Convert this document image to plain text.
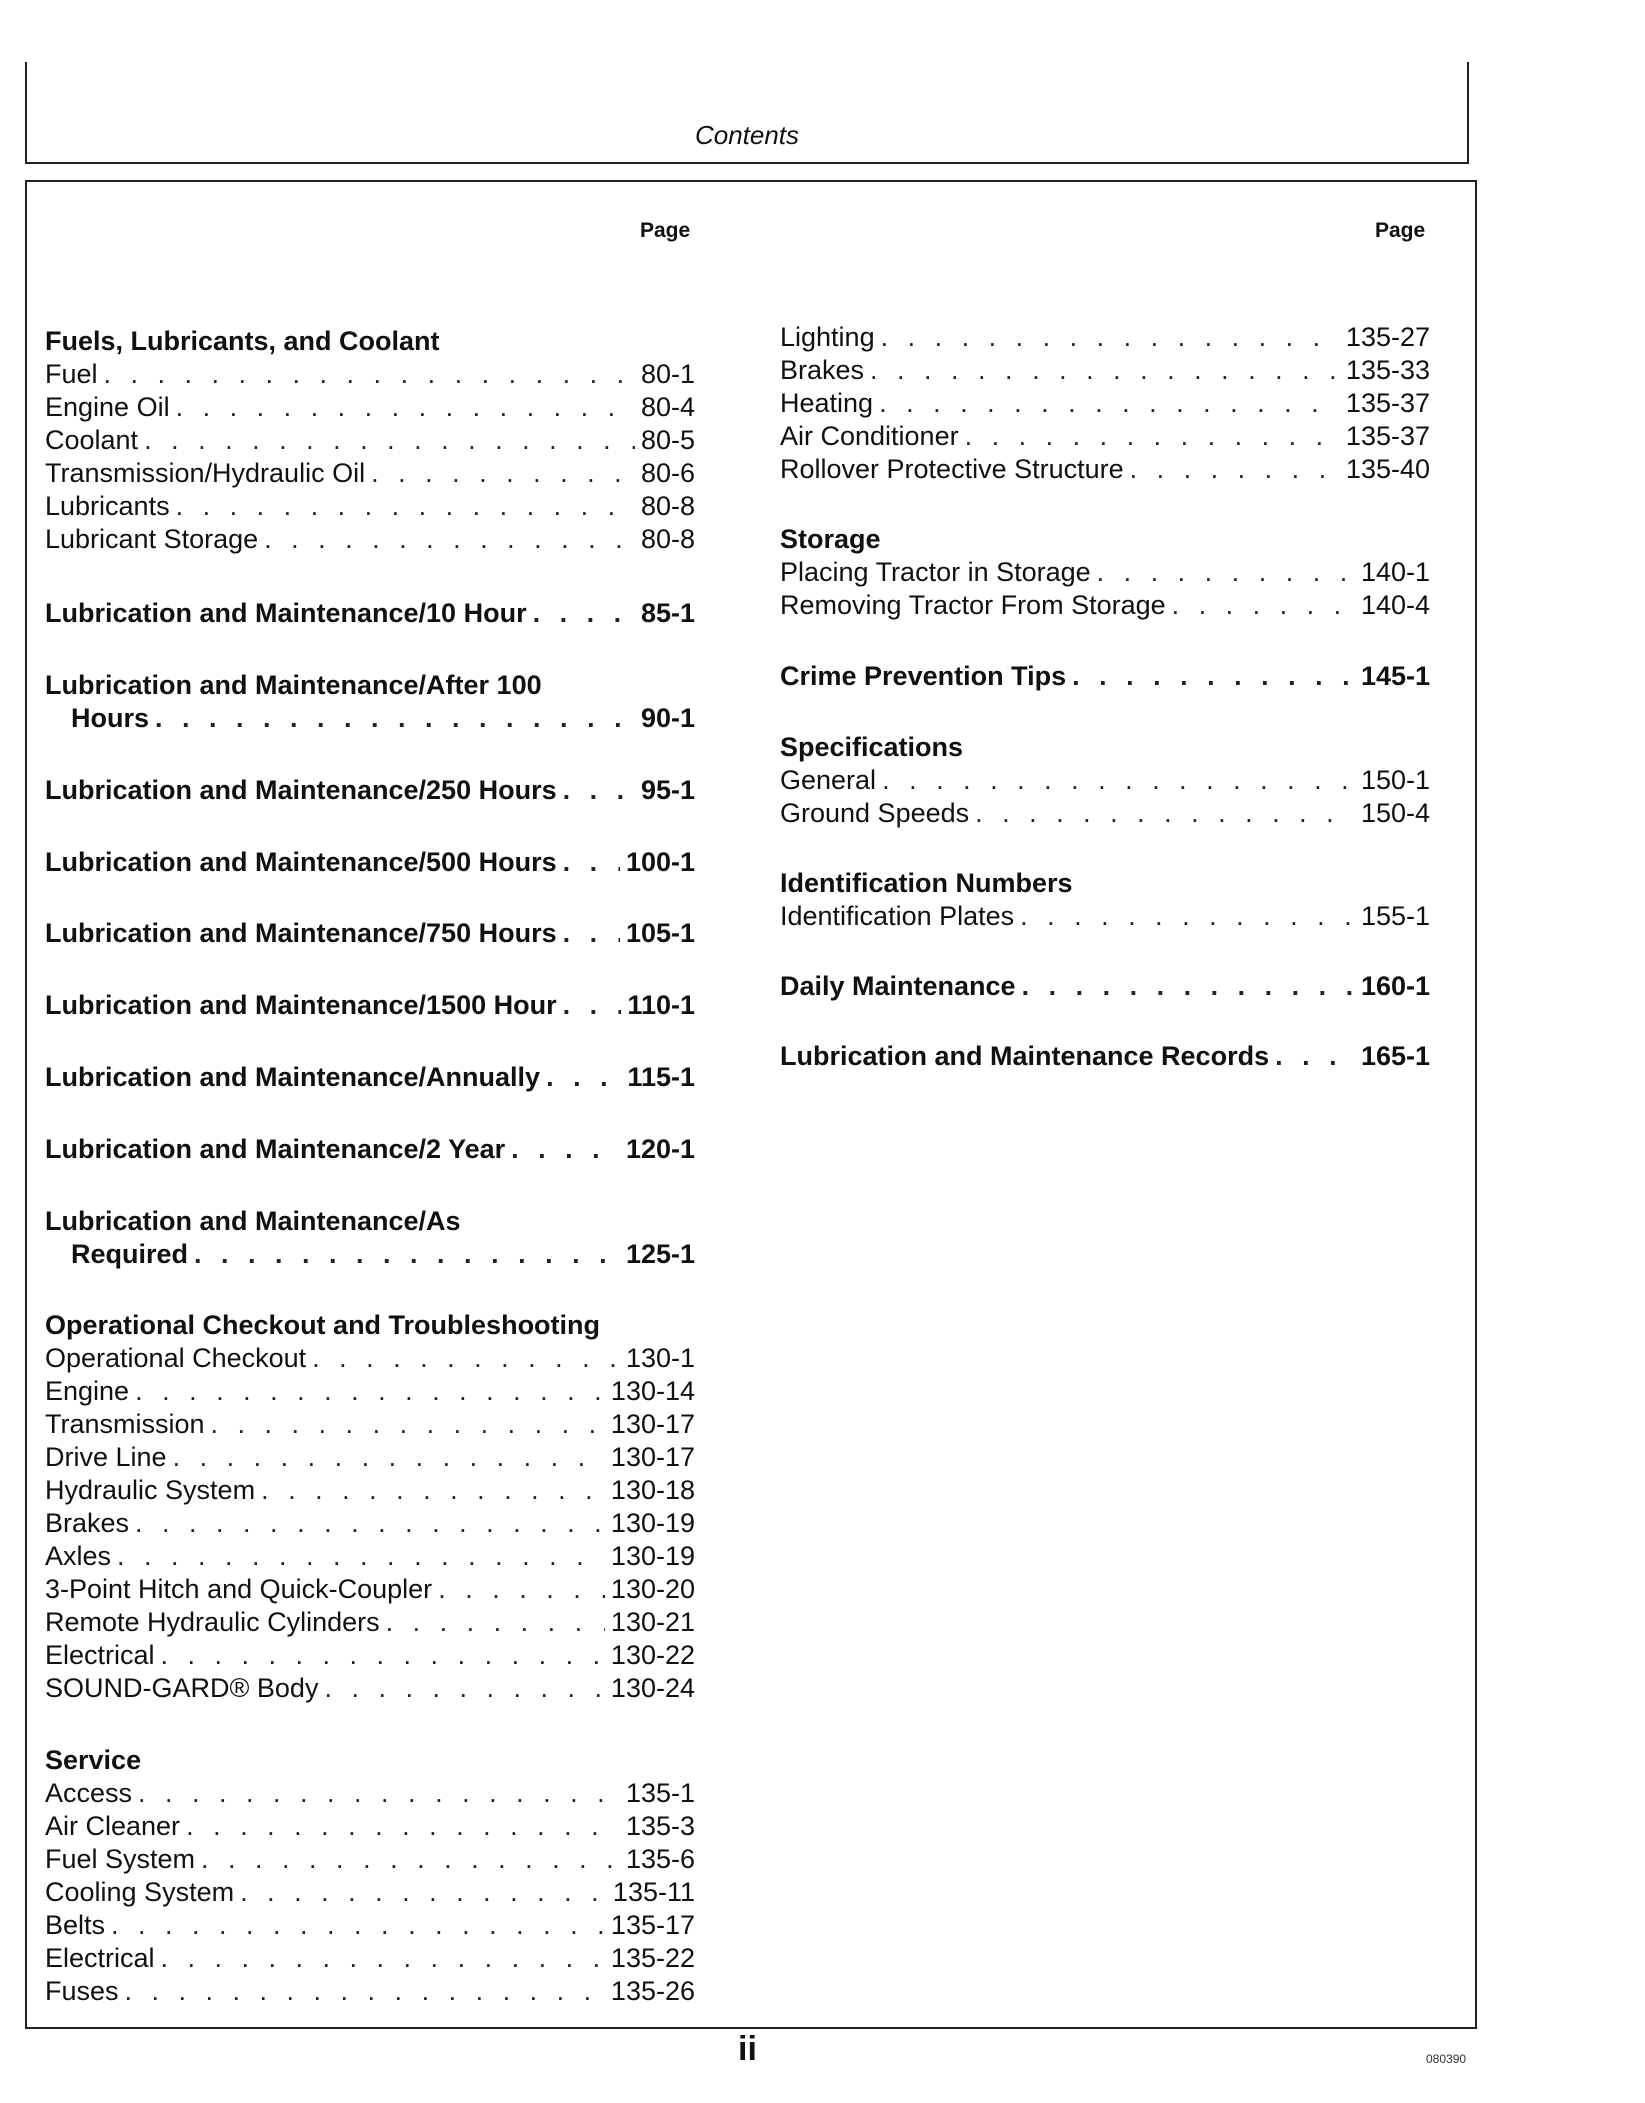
Contents
Page	Page
Fuels, Lubricants, and Coolant
Fuel . . .	80-1
Engine Oil . . .	80-4
Coolant . . .	80-5
Transmission/Hydraulic Oil . . .	80-6
Lubricants . . .	80-8
Lubricant Storage . . .	80-8
Lubrication and Maintenance/10 Hour . . .	85-1
Lubrication and Maintenance/After 100
Hours . . .	90-1
Lubrication and Maintenance/250 Hours . . .	95-1
Lubrication and Maintenance/500 Hours . . .	100-1
Lubrication and Maintenance/750 Hours . . .	105-1
Lubrication and Maintenance/1500 Hour . . .	110-1
Lubrication and Maintenance/Annually . . .	115-1
Lubrication and Maintenance/2 Year . . .	120-1
Lubrication and Maintenance/As
Required . . .	125-1
Operational Checkout and Troubleshooting
Operational Checkout . . .	130-1
Engine . . .	130-14
Transmission . . .	130-17
Drive Line . . .	130-17
Hydraulic System . . .	130-18
Brakes . . .	130-19
Axles . . .	130-19
3-Point Hitch and Quick-Coupler . . .	130-20
Remote Hydraulic Cylinders . . .	130-21
Electrical . . .	130-22
SOUND-GARD® Body . . .	130-24
Service
Access . . .	135-1
Air Cleaner . . .	135-3
Fuel System . . .	135-6
Cooling System . . .	135-11
Belts . . .	135-17
Electrical . . .	135-22
Fuses . . .	135-26
Lighting . . .	135-27
Brakes . . .	135-33
Heating . . .	135-37
Air Conditioner . . .	135-37
Rollover Protective Structure . . .	135-40
Storage
Placing Tractor in Storage . . .	140-1
Removing Tractor From Storage . . .	140-4
Crime Prevention Tips . . .	145-1
Specifications
General . . .	150-1
Ground Speeds . . .	150-4
Identification Numbers
Identification Plates . . .	155-1
Daily Maintenance . . .	160-1
Lubrication and Maintenance Records . . .	165-1
ii	080390
